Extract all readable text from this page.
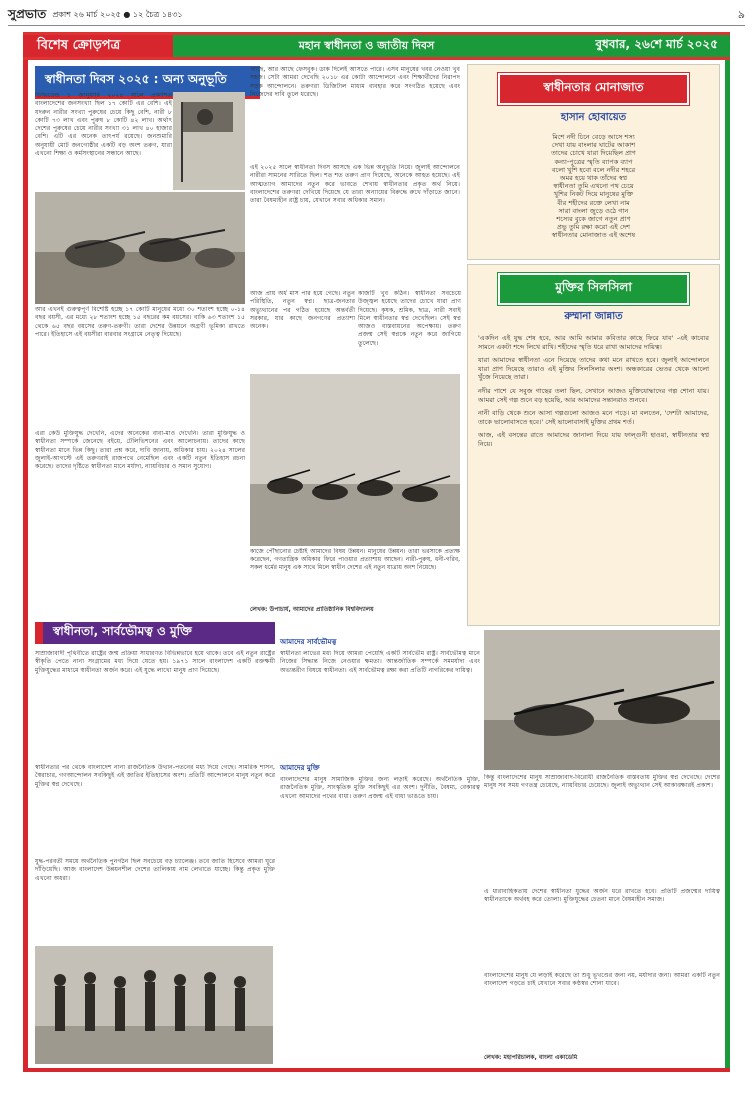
সুপ্রভাত প্রকাশ ২৬ মার্চ ২০২৫ ● ১২ চৈত্র ১৪৩১	৯
বিশেষ ক্রোড়পত্র	মহান স্বাধীনতা ও জাতীয় দিবস	বুধবার, ২৬শে মার্চ ২০২৫
স্বাধীনতা দিবস ২০২৫ : অন্য অনুভূতি
ডিভিডেন্ড ১ জানুয়ারি ২০২৪ সালে প্রকাশিত বাংলাদেশের জনসংখ্যা ছিল ১৭ কোটি এর বেশি। এই যদরুন নারীর সংখ্যা পুরুষের চেয়ে কিছু বেশি, নারী ৮ কোটি ৭৩ লাখ এবং পুরুষ ৮ কোটি ৪২ লাখ। অর্থাৎ দেশের পুরুষের চেয়ে নারীর সংখ্যা ৩১ লাখ ৪০ হাজার বেশি। এটি এর অনেক তাৎপর্য রয়েছে। জনশুমারি অনুযায়ী মোট জনগোষ্ঠীর একটি বড় অংশ তরুণ, যারা এখনো শিক্ষা ও কর্মসংস্থানের সন্ধানে আছে।
আর এখনই গুরুত্বপূর্ণ বিশেষ্টি হচ্ছে ১৭ কোটি মানুষের মধ্যে ৩০ শতাংশ হচ্ছে ০-১৪ বছর বয়সী, এর মধ্যে ২৮ শতাংশ হচ্ছে ১৫ বছরের কম বয়সের। বাকি ৬৩ শতাংশ ১৫ থেকে ৬৫ বছর বয়সের তরুণ-তরুণী। তারা দেশের উন্নয়নে অগ্রণী ভূমিকা রাখতে পারে। ইতিহাসে এই বয়সীরা বারবার সংগ্রামে নেতৃত্ব দিয়েছে।
এরা কেউ মুক্তিযুদ্ধ দেখেনি, এদের অনেকের বাবা-মাও দেখেনি। তারা মুক্তিযুদ্ধ ও স্বাধীনতা সম্পর্কে জেনেছে বইয়ে, টেলিভিশনের এবং আলোচনায়। তাদের কাছে স্বাধীনতা মানে ভিন্ন কিছু। তারা প্রশ্ন করে, দাবি জানায়, অধিকার চায়। ২০২৪ সালের জুলাই-আগস্টে এই তরুণরাই রাজপথে নেমেছিল এবং একটি নতুন ইতিহাস রচনা করেছে। তাদের দৃষ্টিতে স্বাধীনতা মানে মর্যাদা, ন্যায়বিচার ও সমান সুযোগ।
আছে, আর আছে ফেসবুক। ডাক দিলেই আসতে পারে। এসব মানুষের খবর নেওয়া খুব সহজ। সেটা আমরা দেখেছি ২০১৮ এর কোটা আন্দোলনে এবং শিক্ষার্থীদের নিরাপদ সড়ক আন্দোলনে। তরুণরা ডিজিটাল মাধ্যম ব্যবহার করে সংগঠিত হয়েছে এবং নিজেদের দাবি তুলে ধরেছে।
এই ২০২৫ সালে স্বাধীনতা দিবস আসছে এক ভিন্ন অনুভূতি নিয়ে। জুলাই আন্দোলনে নারীরা সামনের সারিতে ছিল। শত শত তরুণ প্রাণ দিয়েছে, অনেকে আহত হয়েছে। এই আত্মত্যাগ আমাদের নতুন করে ভাবতে শেখায় স্বাধীনতার প্রকৃত অর্থ নিয়ে। বাংলাদেশের তরুণরা দেখিয়ে দিয়েছে যে তারা অন্যায়ের বিরুদ্ধে রুখে দাঁড়াতে জানে। তারা বৈষম্যহীন রাষ্ট্র চায়, যেখানে সবার অধিকার সমান।
আজ প্রায় অর্ধ মাস পার হয়ে গেছে। নতুন পরিস্থিতি, নতুন স্বপ্ন। ছাত্র-জনতার অভ্যুত্থানের পর গঠিত হয়েছে অন্তর্বর্তী সরকার, যার কাছে জনগণের প্রত্যাশা অনেক।
কাজটি খুব কঠিন। স্বাধীনতা সবচেয়ে উজ্জ্বল হয়েছে তাদের চোখে যারা প্রাণ দিয়েছে। কৃষক, শ্রমিক, ছাত্র, নারী সবাই মিলে স্বাধীনতার স্বপ্ন দেখেছিল। সেই স্বপ্ন আজও বাস্তবায়নের অপেক্ষায়। তরুণ প্রজন্ম সেই স্বপ্নকে নতুন করে জাগিয়ে তুলেছে।
কাজে পৌঁছানোর চেষ্টাই আমাদের বিষয় উন্নয়ন। মানুষের উন্নয়ন। তারা ভরসাকে প্রত্যক্ষ করেছেন, গণতান্ত্রিক অধিকার ফিরে পাওয়ার প্রত্যাশায় আছেন। নারী-পুরুষ, ধনী-গরিব, সকল ধর্মের মানুষ এক সাথে মিলে স্বাধীন দেশের এই নতুন যাত্রায় অংশ নিয়েছে।
লেখক: উপাচার্য, আমাদের প্রাতিষ্ঠানিক বিশ্ববিদ্যালয়
স্বাধীনতার মোনাজাত
হাসান হোবায়েত
মিশে নদী চিনে বেড়ে আসে শস্য
দেখা যায় বাংলার ঘাটের আকাশ
তাদের চোখে যারা দিয়েছিল প্রাণ
কন্যা-পুত্রের স্মৃতি ব্যাপক ব্যাপ
বলো খুশি হবো বলে নদীর শহরে
অমর হয়ে থাক তাঁদের স্বপ্ন
স্বাধীনতা তুমি এখনো পথ চেয়ে
খুশির নিকট দিয়ে মানুষের মুক্তি
বীর শহীদের রক্তে লেখা নাম
সারা বাংলা জুড়ে ওঠে গান
শস্যের বুকে জাগে নতুন প্রাণ
প্রভু তুমি রক্ষা করো এই দেশ
স্বাধীনতার মোনাজাত এই অশেষ
মুক্তির সিলসিলা
রুম্মানা জান্নাত

'একদিন এই যুদ্ধ শেষ হবে, আর আমি আমার কবিতার কাছে ফিরে যাব' -এই কাব্যের সামনে একটা শব্দে লিখে রাখি। শহীদের স্মৃতি ধরে রাখা আমাদের দায়িত্ব।

যারা আমাদের স্বাধীনতা এনে দিয়েছে তাদের কথা মনে রাখতে হবে। জুলাই আন্দোলনে যারা প্রাণ দিয়েছে তারাও এই মুক্তির সিলসিলার অংশ। অন্ধকারের ভেতর থেকে আলো খুঁজে নিয়েছে তারা।

নদীর পাশে যে সবুজ গাছের তলা ছিল, সেখানে আজও মুক্তিযোদ্ধাদের গল্প শোনা যায়। আমরা সেই গল্প শুনে বড় হয়েছি, আর আমাদের সন্তানরাও শুনবে।

নানী বাড়ি থেকে শুনে আসা গল্পগুলো আজও মনে পড়ে। মা বলতেন, 'দেশটা আমাদের, তাকে ভালোবাসতে হবে।' সেই ভালোবাসাই মুক্তির প্রথম শর্ত।

আজ, এই বসন্তের রাতে আমাদের জানালা দিয়ে যায় ফাল্গুনী হাওয়া, স্বাধীনতার স্বপ্ন নিয়ে।

স্বাধীনতা, সার্বভৌমত্ব ও মুক্তি
সাম্রাজ্যবাদী পৃথিবীতে রাষ্ট্রের জন্ম প্রক্রিয়া সাধারণত বিভিন্নভাবে হয়ে থাকে। তবে এই নতুন রাষ্ট্রের স্বীকৃতি পেতে নানা সংগ্রামের মধ্য দিয়ে যেতে হয়। ১৯৭১ সালে বাংলাদেশ একটি রক্তক্ষয়ী মুক্তিযুদ্ধের মাধ্যমে স্বাধীনতা অর্জন করে। এই যুদ্ধে লাখো মানুষ প্রাণ দিয়েছে।
স্বাধীনতার পর থেকে বাংলাদেশ নানা রাজনৈতিক উত্থান-পতনের মধ্য দিয়ে গেছে। সামরিক শাসন, স্বৈরাচার, গণআন্দোলন সবকিছুই এই জাতির ইতিহাসের অংশ। প্রতিটি আন্দোলনে মানুষ নতুন করে মুক্তির স্বপ্ন দেখেছে।
যুদ্ধ-পরবর্তী সময়ে অর্থনৈতিক পুনর্গঠন ছিল সবচেয়ে বড় চ্যালেঞ্জ। তবে জাতি হিসেবে আমরা ঘুরে দাঁড়িয়েছি। আজ বাংলাদেশ উন্নয়নশীল দেশের তালিকায় নাম লেখাতে যাচ্ছে। কিন্তু প্রকৃত মুক্তি এখনো অধরা।
আমাদের সার্বভৌমত্ব
স্বাধীনতা লাভের মধ্য দিয়ে আমরা পেয়েছি একটি সার্বভৌম রাষ্ট্র। সার্বভৌমত্ব মানে নিজের সিদ্ধান্ত নিজে নেওয়ার ক্ষমতা। আন্তর্জাতিক সম্পর্কে সমমর্যাদা এবং অভ্যন্তরীণ বিষয়ে স্বাধীনতা। এই সার্বভৌমত্ব রক্ষা করা প্রতিটি নাগরিকের দায়িত্ব।
আমাদের মুক্তি
বাংলাদেশের মানুষ সামাজিক মুক্তির জন্য লড়াই করেছে। অর্থনৈতিক মুক্তি, রাজনৈতিক মুক্তি, সাংস্কৃতিক মুক্তি সবকিছুই এর অংশ। দুর্নীতি, বৈষম্য, বেকারত্ব এখনো আমাদের পথের বাধা। তরুণ প্রজন্ম এই বাধা ভাঙতে চায়।
কিন্তু বাংলাদেশের মানুষ সাম্রাজ্যবাদ-বিরোধী রাজনৈতিক বাস্তবতায় মুক্তির স্বপ্ন দেখেছে। দেশের মানুষ সব সময় গণতন্ত্র চেয়েছে, ন্যায়বিচার চেয়েছে। জুলাই অভ্যুত্থান সেই আকাঙ্ক্ষারই প্রকাশ।
এ ধারাবাহিকতায় দেশের স্বাধীনতা যুদ্ধের অর্জন ধরে রাখতে হবে। প্রতিটি প্রজন্মের দায়িত্ব স্বাধীনতাকে অর্থবহ করে তোলা। মুক্তিযুদ্ধের চেতনা মানে বৈষম্যহীন সমাজ।
বাংলাদেশের মানুষ যে লড়াই করেছে তা শুধু ভূখণ্ডের জন্য নয়, মর্যাদার জন্য। আমরা একটি নতুন বাংলাদেশ গড়তে চাই যেখানে সবার কণ্ঠস্বর শোনা যাবে।
লেখক: মহাপরিচালক, বাংলা একাডেমি
